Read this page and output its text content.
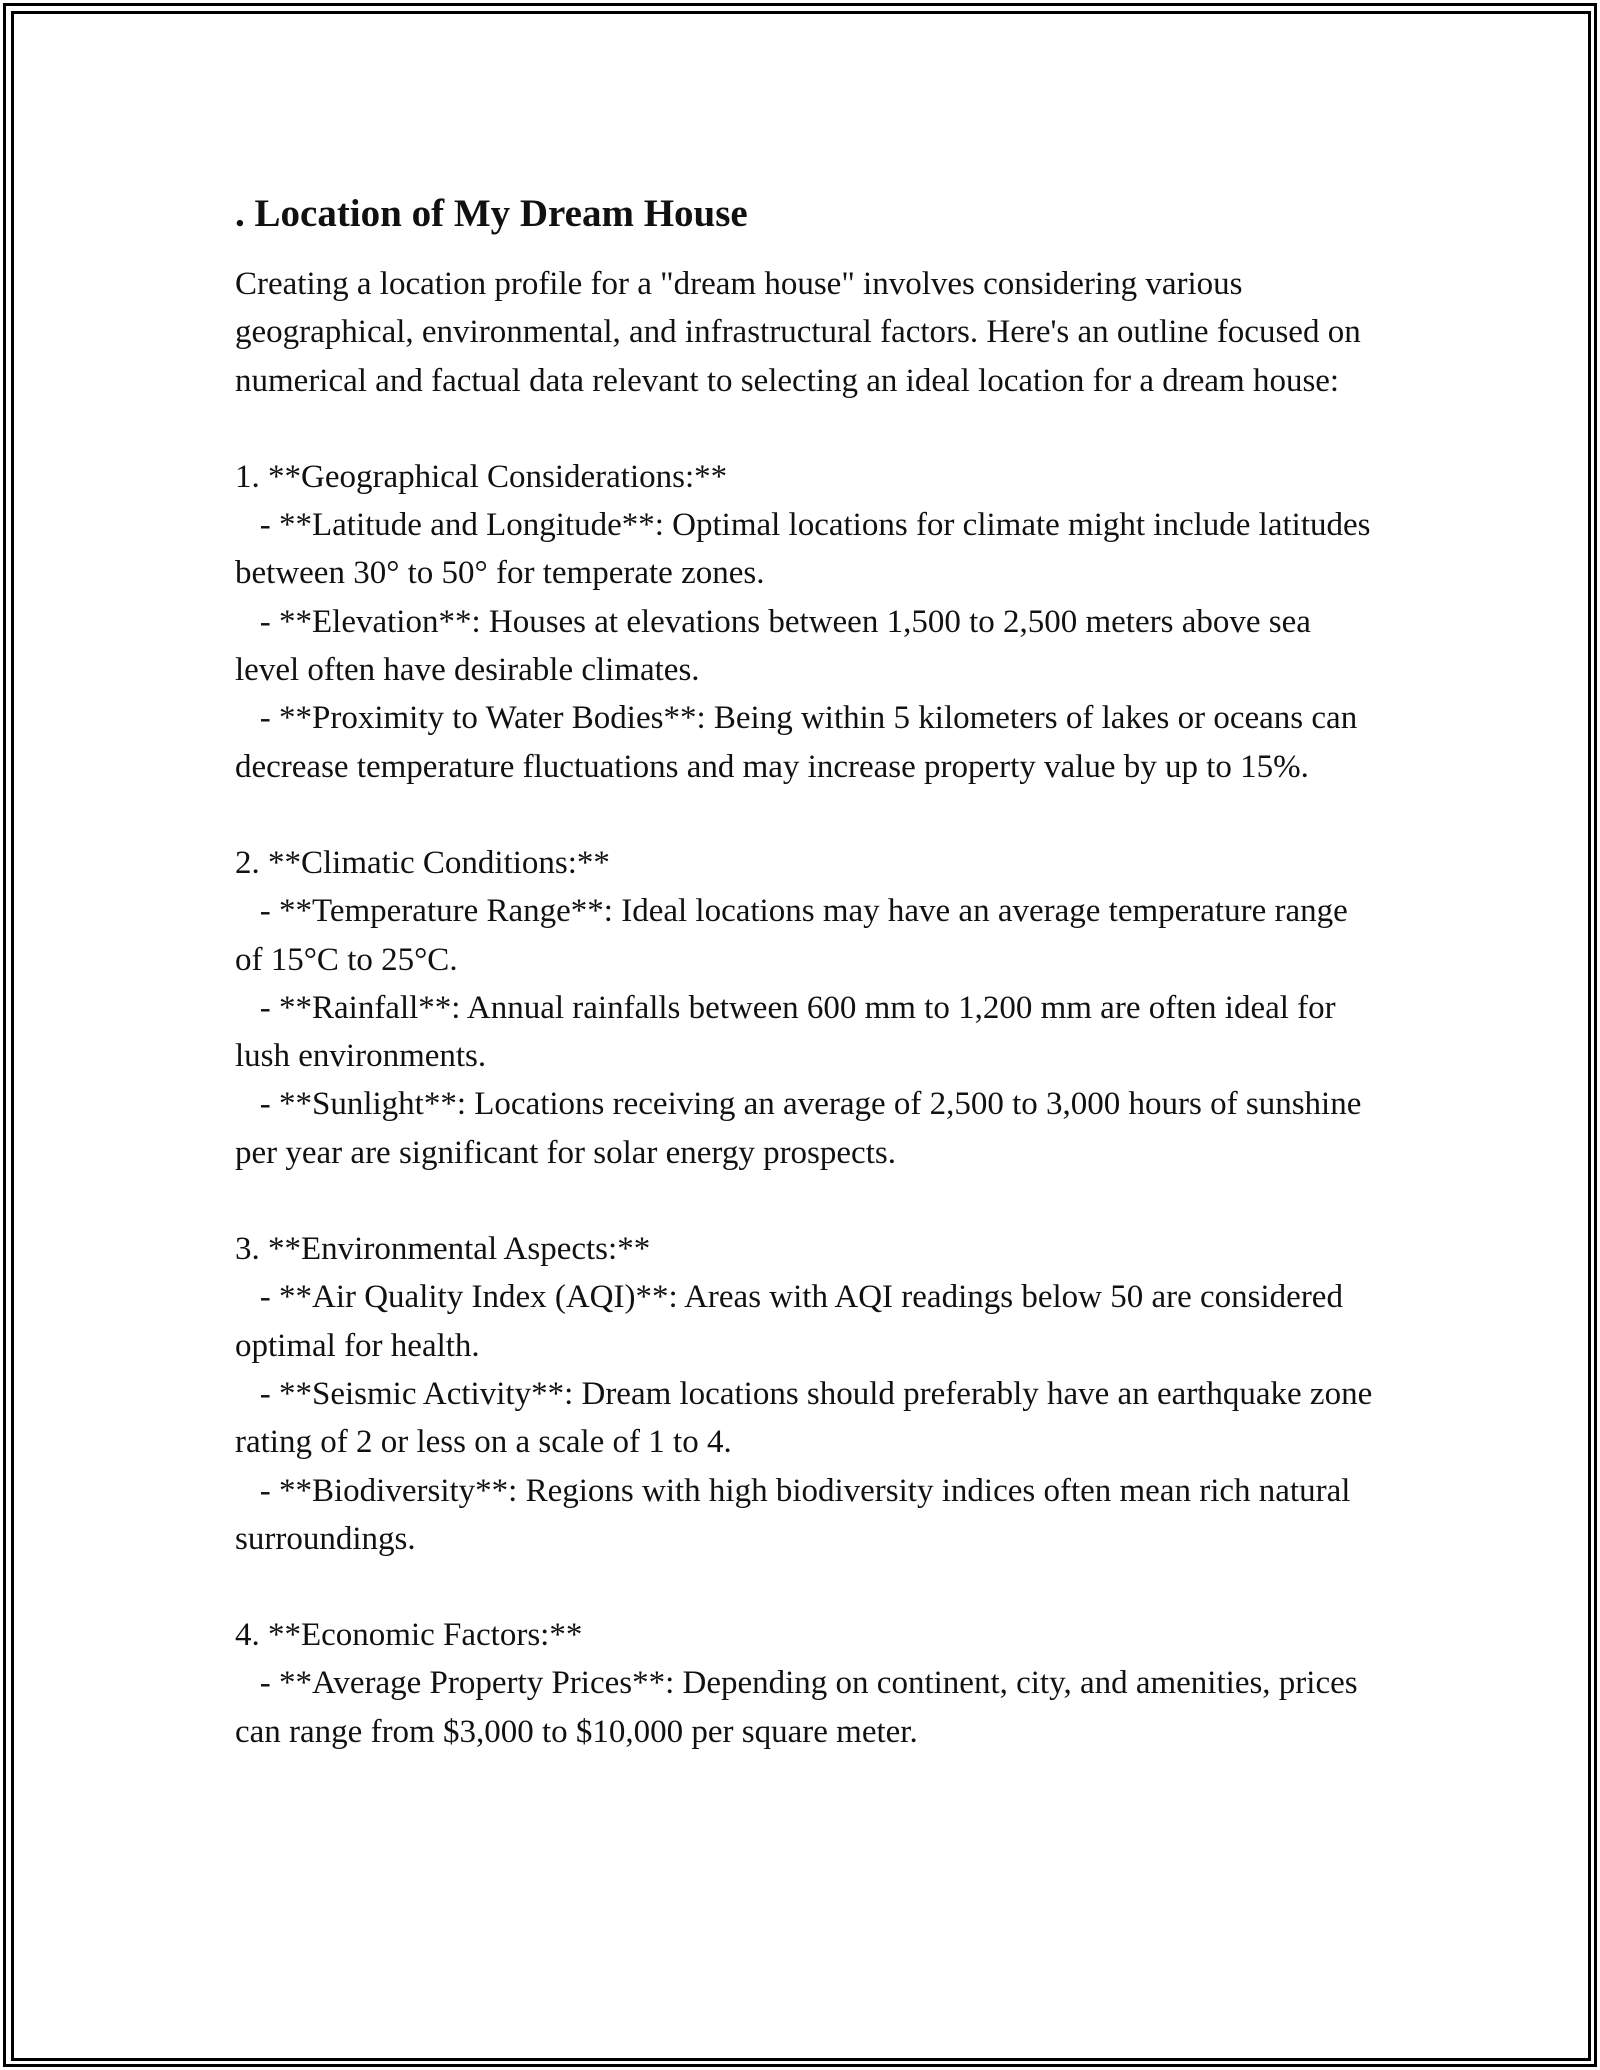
. Location of My Dream House

Creating a location profile for a "dream house" involves considering various geographical, environmental, and infrastructural factors. Here's an outline focused on numerical and factual data relevant to selecting an ideal location for a dream house:

1. **Geographical Considerations:**

- **Latitude and Longitude**: Optimal locations for climate might include latitudes between 30° to 50° for temperate zones.

- **Elevation**: Houses at elevations between 1,500 to 2,500 meters above sea level often have desirable climates.

- **Proximity to Water Bodies**: Being within 5 kilometers of lakes or oceans can decrease temperature fluctuations and may increase property value by up to 15%.

2. **Climatic Conditions:**

- **Temperature Range**: Ideal locations may have an average temperature range of 15°C to 25°C.

- **Rainfall**: Annual rainfalls between 600 mm to 1,200 mm are often ideal for lush environments.

- **Sunlight**: Locations receiving an average of 2,500 to 3,000 hours of sunshine per year are significant for solar energy prospects.

3. **Environmental Aspects:**

- **Air Quality Index (AQI)**: Areas with AQI readings below 50 are considered optimal for health.

- **Seismic Activity**: Dream locations should preferably have an earthquake zone rating of 2 or less on a scale of 1 to 4.

- **Biodiversity**: Regions with high biodiversity indices often mean rich natural surroundings.

4. **Economic Factors:**

- **Average Property Prices**: Depending on continent, city, and amenities, prices can range from $3,000 to $10,000 per square meter.
